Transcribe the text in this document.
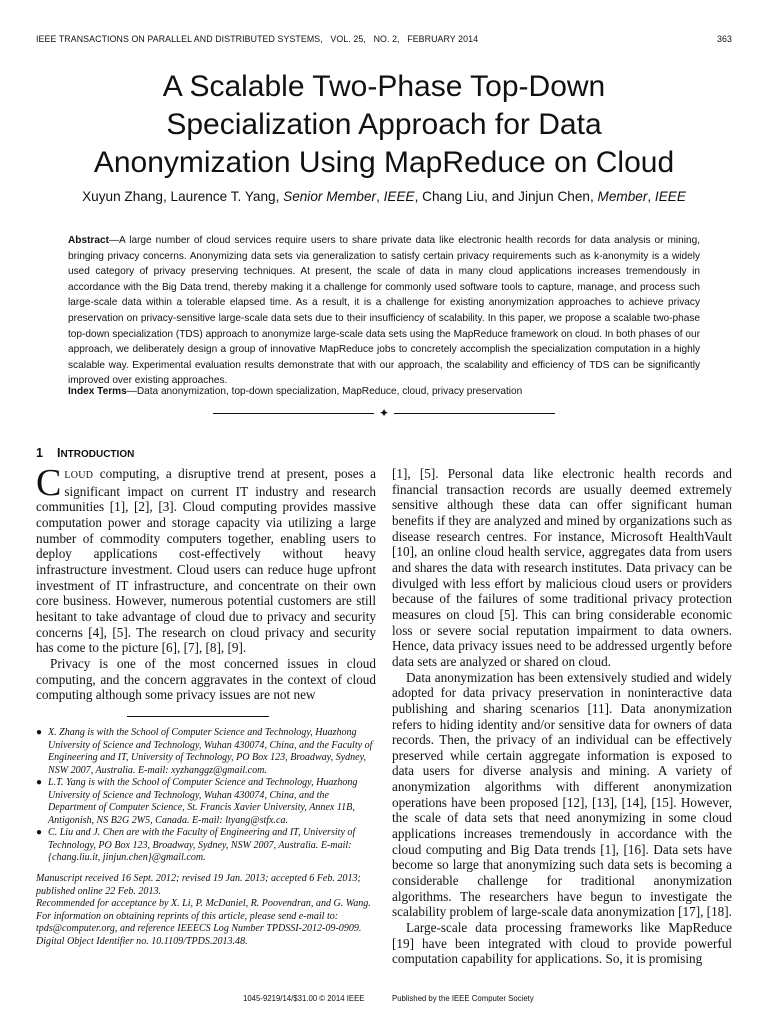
IEEE TRANSACTIONS ON PARALLEL AND DISTRIBUTED SYSTEMS,   VOL. 25,   NO. 2,   FEBRUARY 2014	363
A Scalable Two-Phase Top-Down
Specialization Approach for Data
Anonymization Using MapReduce on Cloud
Xuyun Zhang, Laurence T. Yang, Senior Member, IEEE, Chang Liu, and Jinjun Chen, Member, IEEE
Abstract—A large number of cloud services require users to share private data like electronic health records for data analysis or mining, bringing privacy concerns. Anonymizing data sets via generalization to satisfy certain privacy requirements such as k-anonymity is a widely used category of privacy preserving techniques. At present, the scale of data in many cloud applications increases tremendously in accordance with the Big Data trend, thereby making it a challenge for commonly used software tools to capture, manage, and process such large-scale data within a tolerable elapsed time. As a result, it is a challenge for existing anonymization approaches to achieve privacy preservation on privacy-sensitive large-scale data sets due to their insufficiency of scalability. In this paper, we propose a scalable two-phase top-down specialization (TDS) approach to anonymize large-scale data sets using the MapReduce framework on cloud. In both phases of our approach, we deliberately design a group of innovative MapReduce jobs to concretely accomplish the specialization computation in a highly scalable way. Experimental evaluation results demonstrate that with our approach, the scalability and efficiency of TDS can be significantly improved over existing approaches.
Index Terms—Data anonymization, top-down specialization, MapReduce, cloud, privacy preservation
✦
1 INTRODUCTION

CLOUD computing, a disruptive trend at present, poses a significant impact on current IT industry and research communities [1], [2], [3]. Cloud computing provides massive computation power and storage capacity via utilizing a large number of commodity computers together, enabling users to deploy applications cost-effectively without heavy infrastructure investment. Cloud users can reduce huge upfront investment of IT infrastructure, and concentrate on their own core business. However, numerous potential customers are still hesitant to take advantage of cloud due to privacy and security concerns [4], [5]. The research on cloud privacy and security has come to the picture [6], [7], [8], [9].

Privacy is one of the most concerned issues in cloud computing, and the concern aggravates in the context of cloud computing although some privacy issues are not new

● X. Zhang is with the School of Computer Science and Technology, Huazhong University of Science and Technology, Wuhan 430074, China, and the Faculty of Engineering and IT, University of Technology, PO Box 123, Broadway, Sydney, NSW 2007, Australia. E-mail: xyzhanggz@gmail.com.
● L.T. Yang is with the School of Computer Science and Technology, Huazhong University of Science and Technology, Wuhan 430074, China, and the Department of Computer Science, St. Francis Xavier University, Annex 11B, Antigonish, NS B2G 2W5, Canada. E-mail: ltyang@stfx.ca.
● C. Liu and J. Chen are with the Faculty of Engineering and IT, University of Technology, PO Box 123, Broadway, Sydney, NSW 2007, Australia. E-mail: {chang.liu.it, jinjun.chen}@gmail.com.

Manuscript received 16 Sept. 2012; revised 19 Jan. 2013; accepted 6 Feb. 2013; published online 22 Feb. 2013.

Recommended for acceptance by X. Li, P. McDaniel, R. Poovendran, and G. Wang.

For information on obtaining reprints of this article, please send e-mail to: tpds@computer.org, and reference IEEECS Log Number TPDSSI-2012-09-0909.

Digital Object Identifier no. 10.1109/TPDS.2013.48.

[1], [5]. Personal data like electronic health records and financial transaction records are usually deemed extremely sensitive although these data can offer significant human benefits if they are analyzed and mined by organizations such as disease research centres. For instance, Microsoft HealthVault [10], an online cloud health service, aggregates data from users and shares the data with research institutes. Data privacy can be divulged with less effort by malicious cloud users or providers because of the failures of some traditional privacy protection measures on cloud [5]. This can bring considerable economic loss or severe social reputation impairment to data owners. Hence, data privacy issues need to be addressed urgently before data sets are analyzed or shared on cloud.

Data anonymization has been extensively studied and widely adopted for data privacy preservation in noninteractive data publishing and sharing scenarios [11]. Data anonymization refers to hiding identity and/or sensitive data for owners of data records. Then, the privacy of an individual can be effectively preserved while certain aggregate information is exposed to data users for diverse analysis and mining. A variety of anonymization algorithms with different anonymization operations have been proposed [12], [13], [14], [15]. However, the scale of data sets that need anonymizing in some cloud applications increases tremendously in accordance with the cloud computing and Big Data trends [1], [16]. Data sets have become so large that anonymizing such data sets is becoming a considerable challenge for traditional anonymization algorithms. The researchers have begun to investigate the scalability problem of large-scale data anonymization [17], [18].

Large-scale data processing frameworks like MapReduce [19] have been integrated with cloud to provide powerful computation capability for applications. So, it is promising

1045-9219/14/$31.00 © 2014 IEEE	Published by the IEEE Computer Society
